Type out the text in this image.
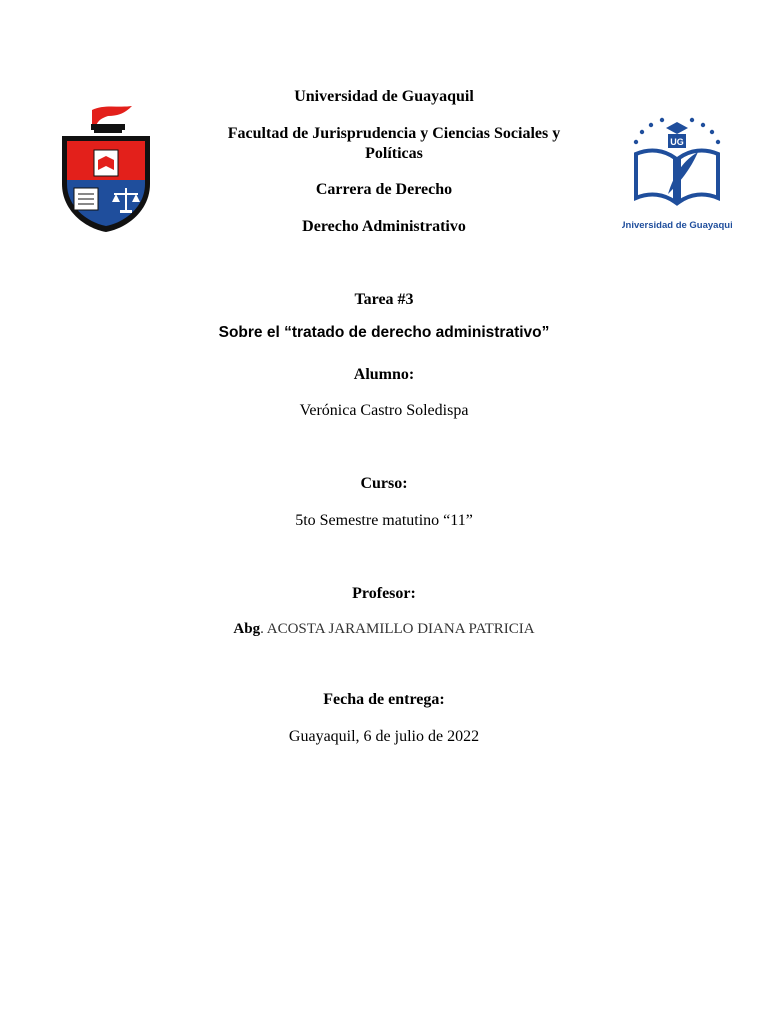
UG
Universidad de Guayaquil
Universidad de Guayaquil
Facultad de Jurisprudencia y Ciencias Sociales y
Políticas
Carrera de Derecho
Derecho Administrativo
Tarea #3
Sobre el “tratado de derecho administrativo”
Alumno:
Verónica Castro Soledispa
Curso:
5to Semestre matutino “11”
Profesor:
Abg. ACOSTA JARAMILLO DIANA PATRICIA
Fecha de entrega:
Guayaquil, 6 de julio de 2022
